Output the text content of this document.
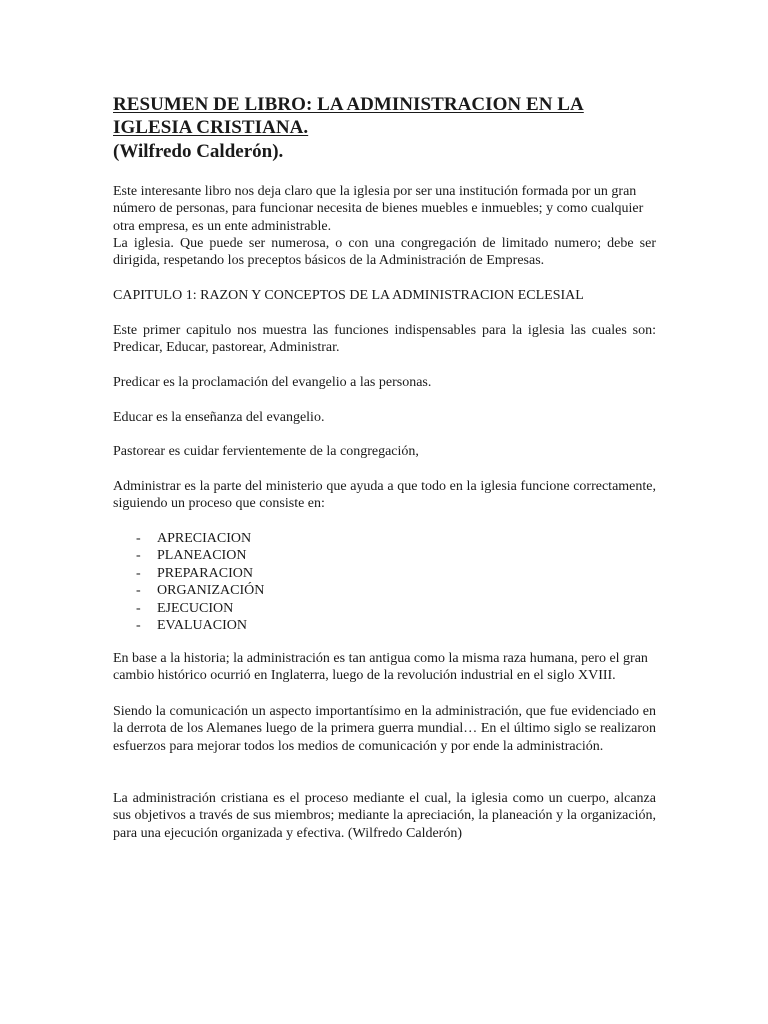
RESUMEN DE LIBRO: LA ADMINISTRACION EN LA IGLESIA CRISTIANA.
(Wilfredo Calderón).

Este interesante libro nos deja claro que la iglesia por ser una institución formada por un gran número de personas, para funcionar necesita de bienes muebles e inmuebles; y como cualquier otra empresa, es un ente administrable.

La iglesia. Que puede ser numerosa, o con una congregación de limitado numero; debe ser dirigida, respetando los preceptos básicos de la Administración de Empresas.

CAPITULO 1: RAZON Y CONCEPTOS DE LA ADMINISTRACION ECLESIAL

Este primer capitulo nos muestra las funciones indispensables para la iglesia las cuales son: Predicar, Educar, pastorear, Administrar.

Predicar es la proclamación del evangelio a las personas.

Educar es la enseñanza del evangelio.

Pastorear es cuidar fervientemente de la congregación,

Administrar es la parte del ministerio que ayuda a que todo en la iglesia funcione correctamente, siguiendo un proceso que consiste en:

- APRECIACION
- PLANEACION
- PREPARACION
- ORGANIZACIÓN
- EJECUCION
- EVALUACION

En base a la historia; la administración es tan antigua como la misma raza humana, pero el gran cambio histórico ocurrió en Inglaterra, luego de la revolución industrial en el siglo XVIII.

Siendo la comunicación un aspecto importantísimo en la administración, que fue evidenciado en la derrota de los Alemanes luego de la primera guerra mundial… En el último siglo se realizaron esfuerzos para mejorar todos los medios de comunicación y por ende la administración.

La administración cristiana es el proceso mediante el cual, la iglesia como un cuerpo, alcanza sus objetivos a través de sus miembros; mediante la apreciación, la planeación y la organización, para una ejecución organizada y efectiva. (Wilfredo Calderón)
